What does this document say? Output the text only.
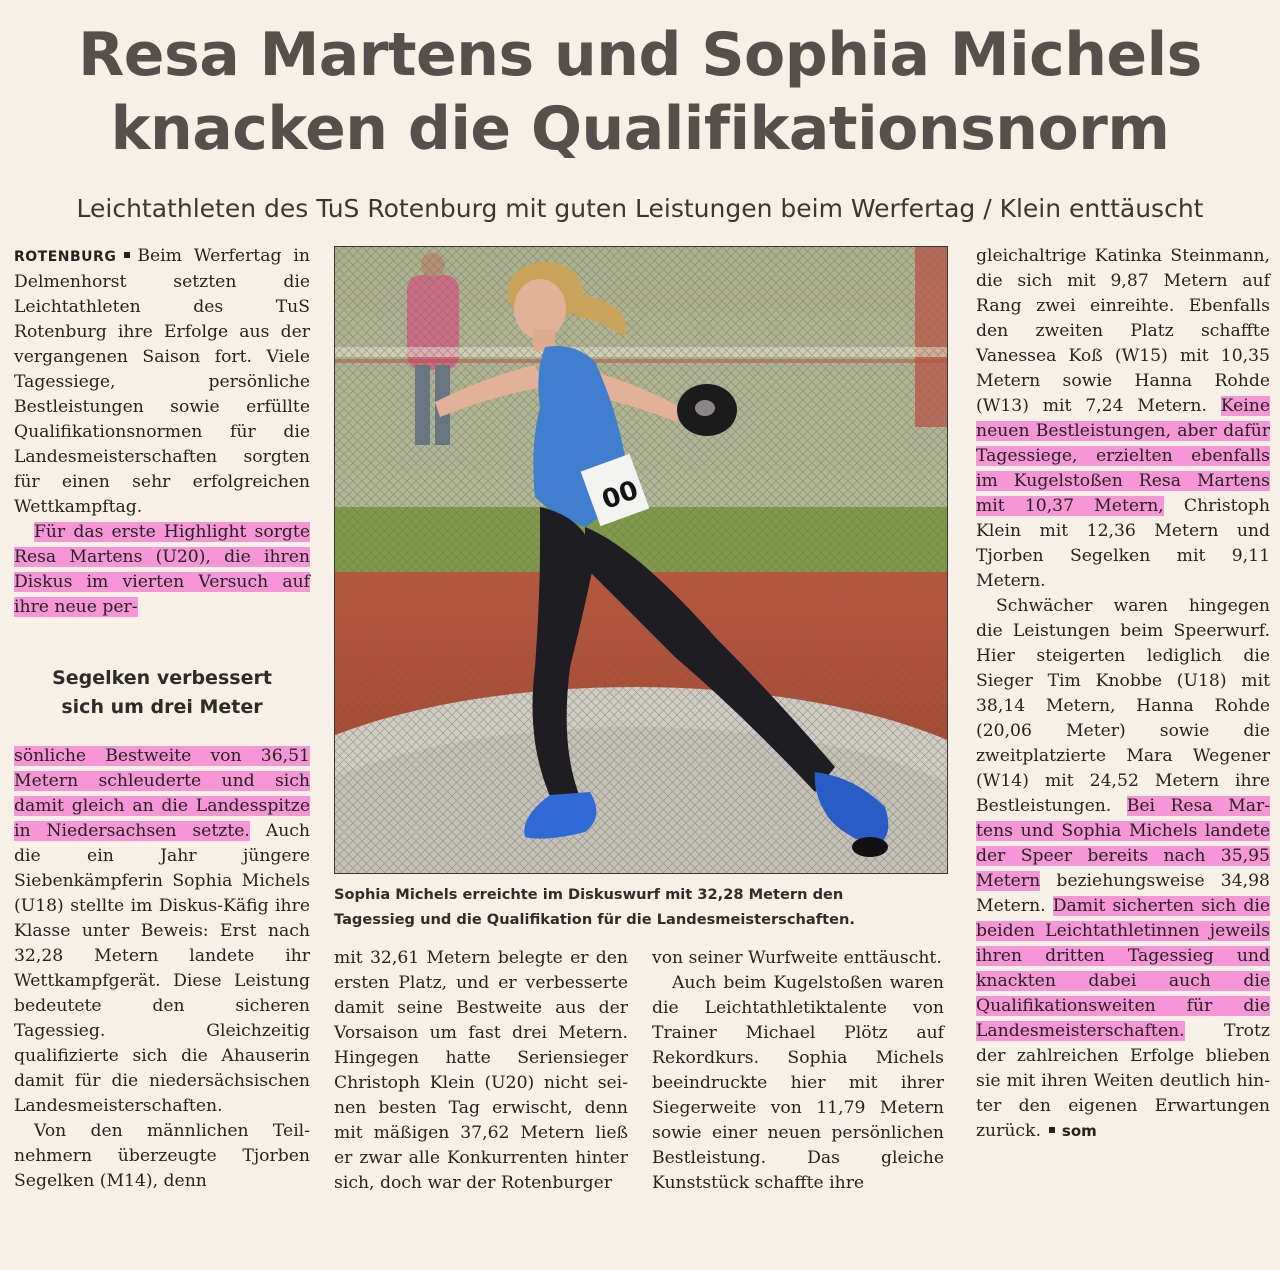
Resa Martens und Sophia Michels
knacken die Qualifikationsnorm

Leichtathleten des TuS Rotenburg mit guten Leistungen beim Werfertag / Klein enttäuscht

ROTENBURG Beim Werfertag in Delmenhorst setzten die Leichtathleten des TuS Rotenburg ihre Erfolge aus der vergangenen Saison fort. Viele Tagessiege, persönliche Bestleistungen sowie erfüllte Qualifikationsnormen für die Landesmeisterschaften sorgten für einen sehr erfolgreichen Wettkampftag.

Für das erste Highlight sorgte Resa Martens (U20), die ihren Diskus im vierten Versuch auf ihre neue per-

Segelken verbessert
sich um drei Meter

sönliche Bestweite von 36,51 Metern schleuderte und sich damit gleich an die Landesspitze in Niedersachsen setzte. Auch die ein Jahr jüngere Siebenkämpferin Sophia Michels (U18) stellte im Diskus-Käfig ihre Klasse unter Beweis: Erst nach 32,28 Metern landete ihr Wettkampfgerät. Diese Leistung bedeutete den sicheren Tagessieg. Gleichzeitig qualifizierte sich die Ahauserin damit für die niedersächsischen Landesmeisterschaften.

Von den männlichen Teilnehmern überzeugte Tjorben Segelken (M14), denn

00

Sophia Michels erreichte im Diskuswurf mit 32,28 Metern den
Tagessieg und die Qualifikation für die Landesmeisterschaften.

mit 32,61 Metern belegte er den ersten Platz, und er verbesserte damit seine Bestweite aus der Vorsaison um fast drei Metern. Hingegen hatte Seriensieger Christoph Klein (U20) nicht seinen besten Tag erwischt, denn mit mäßigen 37,62 Metern ließ er zwar alle Konkurrenten hinter sich, doch war der Rotenburger

von seiner Wurfweite enttäuscht.

Auch beim Kugelstoßen waren die Leichtathletiktalente von Trainer Michael Plötz auf Rekordkurs. Sophia Michels beeindruckte hier mit ihrer Siegerweite von 11,79 Metern sowie einer neuen persönlichen Bestleistung. Das gleiche Kunststück schaffte ihre

gleichaltrige Katinka Steinmann, die sich mit 9,87 Metern auf Rang zwei einreihte. Ebenfalls den zweiten Platz schaffte Vanessea Koß (W15) mit 10,35 Metern sowie Hanna Rohde (W13) mit 7,24 Metern. Keine neuen Bestleistungen, aber dafür Tagessiege, erzielten ebenfalls im Kugelstoßen Resa Martens mit 10,37 Metern, Christoph Klein mit 12,36 Metern und Tjorben Segelken mit 9,11 Metern.

Schwächer waren hingegen die Leistungen beim Speerwurf. Hier steigerten lediglich die Sieger Tim Knobbe (U18) mit 38,14 Metern, Hanna Rohde (20,06 Meter) sowie die zweitplatzierte Mara Wegener (W14) mit 24,52 Metern ihre Bestleistungen. Bei Resa Martens und Sophia Michels landete der Speer bereits nach 35,95 Metern beziehungsweise 34,98 Metern. Damit sicherten sich die beiden Leichtathletinnen jeweils ihren dritten Tagessieg und knackten dabei auch die Qualifikationsweiten für die Landesmeisterschaften. Trotz der zahlreichen Erfolge blieben sie mit ihren Weiten deutlich hinter den eigenen Erwartungen zurück. som
